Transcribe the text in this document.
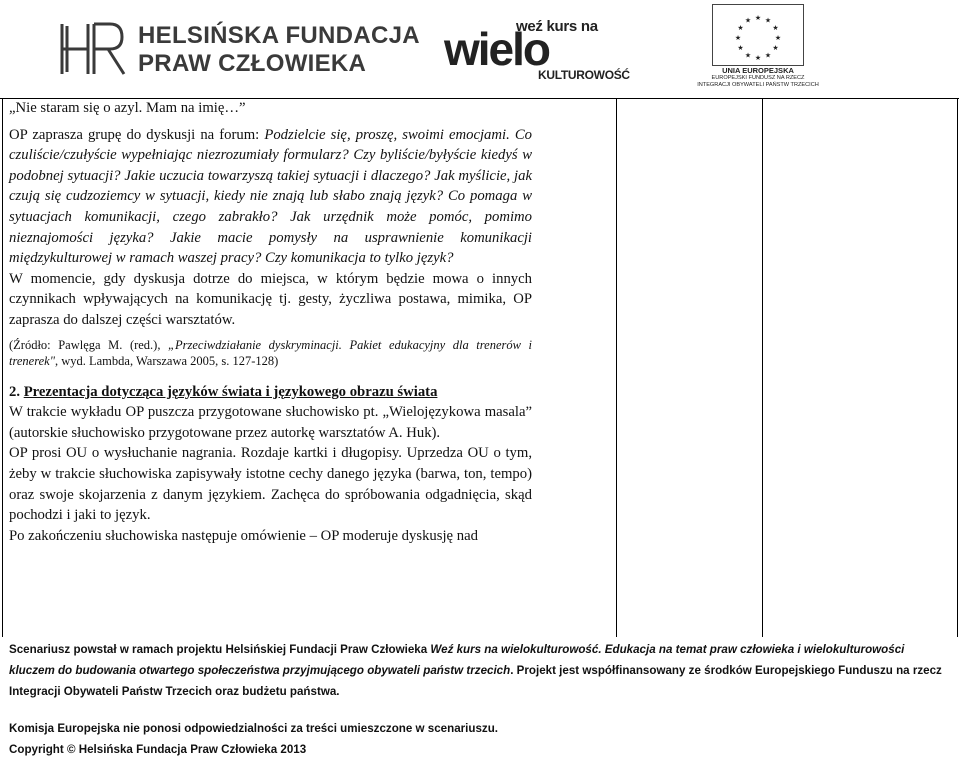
HELSIŃSKA FUNDACJA
PRAW CZŁOWIEKA
weź kurs na
wielo
KULTUROWOŚĆ
★ ★
★
★
★
★
★
★
★
★
★
★
UNIA EUROPEJSKA
EUROPEJSKI FUNDUSZ NA RZECZ
INTEGRACJI OBYWATELI PAŃSTW TRZECICH

„Nie staram się o azyl. Mam na imię…”

OP zaprasza grupę do dyskusji na forum: Podzielcie się, proszę, swoimi emocjami. Co czuliście/czułyście wypełniając niezrozumiały formularz? Czy byliście/byłyście kiedyś w podobnej sytuacji? Jakie uczucia towarzyszą takiej sytuacji i dlaczego? Jak myślicie, jak czują się cudzoziemcy w sytuacji, kiedy nie znają lub słabo znają język? Co pomaga w sytuacjach komunikacji, czego zabrakło? Jak urzędnik może pomóc, pomimo nieznajomości języka? Jakie macie pomysły na usprawnienie komunikacji międzykulturowej w ramach waszej pracy? Czy komunikacja to tylko język?

W momencie, gdy dyskusja dotrze do miejsca, w którym będzie mowa o innych czynnikach wpływających na komunikację tj. gesty, życzliwa postawa, mimika, OP zaprasza do dalszej części warsztatów.

(Źródło: Pawlęga M. (red.), „Przeciwdziałanie dyskryminacji. Pakiet edukacyjny dla trenerów i trenerek", wyd. Lambda, Warszawa 2005, s. 127-128)

2. Prezentacja dotycząca języków świata i językowego obrazu świata

W trakcie wykładu OP puszcza przygotowane słuchowisko pt. „Wielojęzykowa masala” (autorskie słuchowisko przygotowane przez autorkę warsztatów A. Huk).

OP prosi OU o wysłuchanie nagrania. Rozdaje kartki i długopisy. Uprzedza OU o tym, żeby w trakcie słuchowiska zapisywały istotne cechy danego języka (barwa, ton, tempo) oraz swoje skojarzenia z danym językiem. Zachęca do spróbowania odgadnięcia, skąd pochodzi i jaki to język.

Po zakończeniu słuchowiska następuje omówienie – OP moderuje dyskusję nad

Scenariusz powstał w ramach projektu Helsińskiej Fundacji Praw Człowieka Weź kurs na wielokulturowość. Edukacja na temat praw człowieka i wielokulturowości

kluczem do budowania otwartego społeczeństwa przyjmującego obywateli państw trzecich. Projekt jest współfinansowany ze środków Europejskiego Funduszu na rzecz

Integracji Obywateli Państw Trzecich oraz budżetu państwa.

Komisja Europejska nie ponosi odpowiedzialności za treści umieszczone w scenariuszu.

Copyright © Helsińska Fundacja Praw Człowieka 2013
